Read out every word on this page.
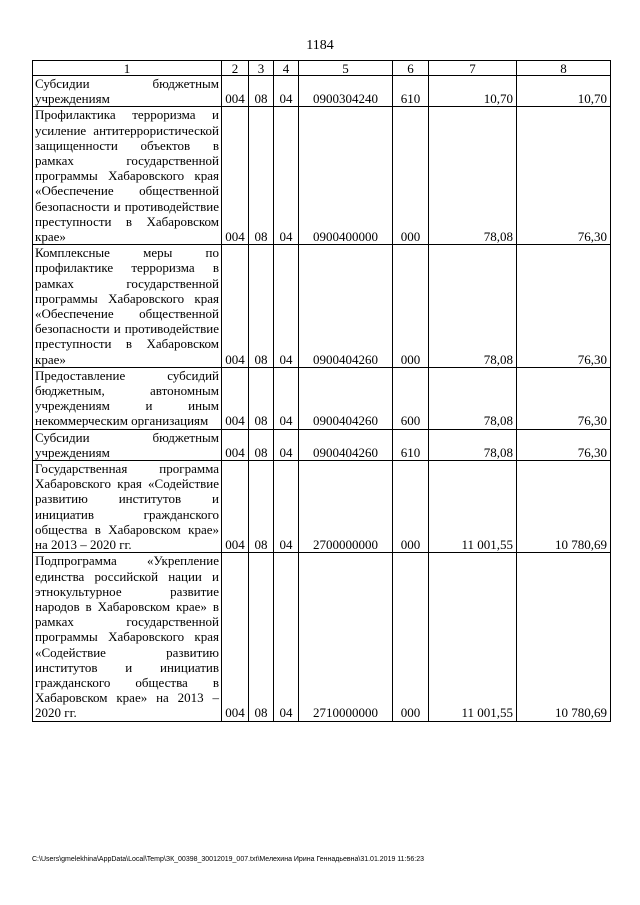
1184
1	2	3	4	5	6	7	8
Субсидии бюджетным учреждениям	004	08	04	0900304240	610	10,70	10,70
Профилактика терроризма и усиление антитеррористической защищенности объектов в рамках государственной программы Хабаровского края «Обеспечение общественной безопасности и противодействие преступности в Хабаровском крае»	004	08	04	0900400000	000	78,08	76,30
Комплексные меры по профилактике терроризма в рамках государственной программы Хабаровского края «Обеспечение общественной безопасности и противодействие преступности в Хабаровском крае»	004	08	04	0900404260	000	78,08	76,30
Предоставление субсидий бюджетным, автономным учреждениям и иным некоммерческим организациям	004	08	04	0900404260	600	78,08	76,30
Субсидии бюджетным учреждениям	004	08	04	0900404260	610	78,08	76,30
Государственная программа Хабаровского края «Содействие развитию институтов и инициатив гражданского общества в Хабаровском крае» на 2013 – 2020 гг.	004	08	04	2700000000	000	11 001,55	10 780,69
Подпрограмма «Укрепление единства российской нации и этнокультурное развитие народов в Хабаровском крае» в рамках государственной программы Хабаровского края «Содействие развитию институтов и инициатив гражданского общества в Хабаровском крае» на 2013 – 2020 гг.	004	08	04	2710000000	000	11 001,55	10 780,69
C:\Users\gmelekhina\AppData\Local\Temp\ЗК_00398_30012019_007.txt\Мелехина Ирина Геннадьевна\31.01.2019 11:56:23
